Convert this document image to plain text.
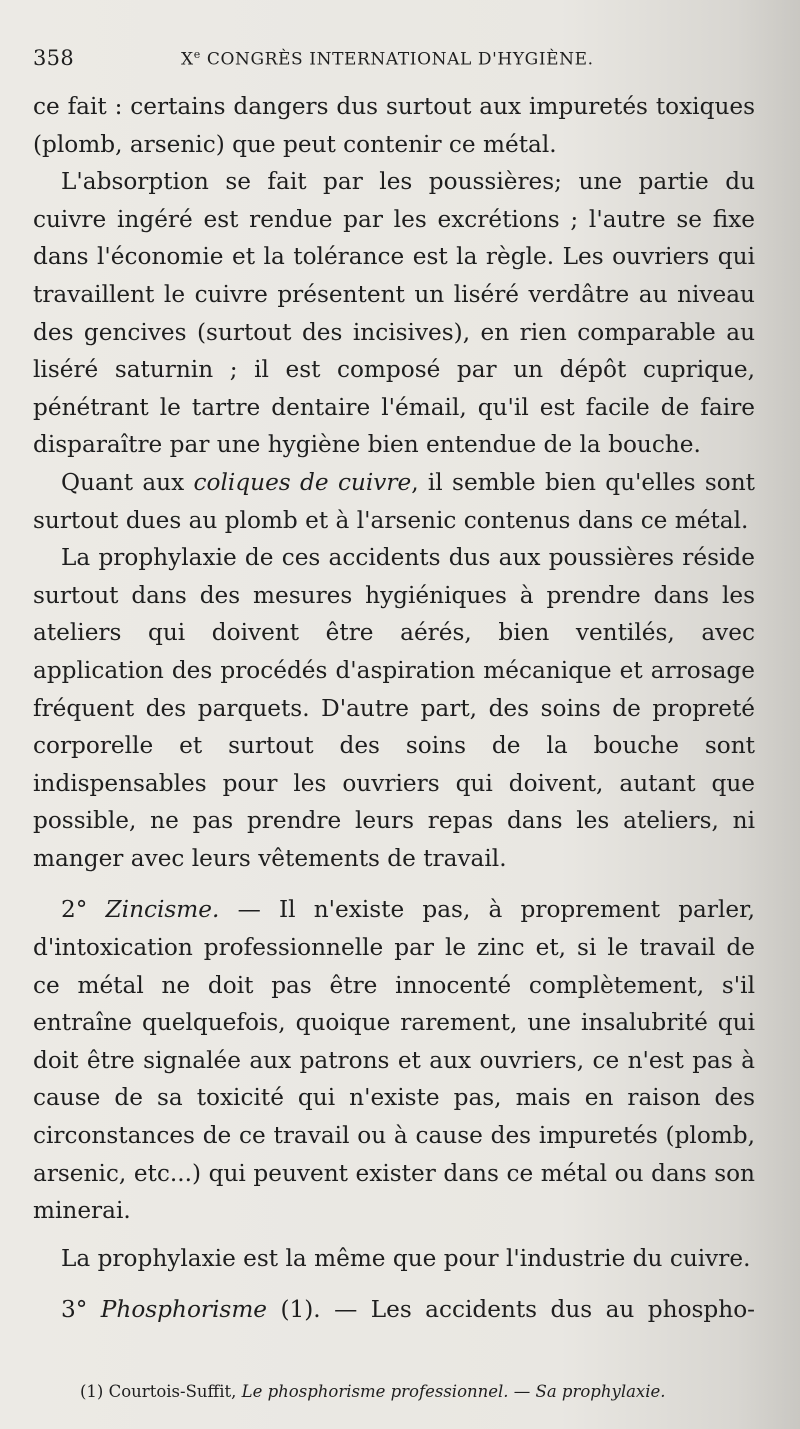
358	Xe CONGRÈS INTERNATIONAL D'HYGIÈNE.

ce fait : certains dangers dus surtout aux impuretés toxiques (plomb, arsenic) que peut contenir ce métal.

L'absorption se fait par les poussières; une partie du cuivre ingéré est rendue par les excrétions ; l'autre se fixe dans l'économie et la tolérance est la règle. Les ouvriers qui travaillent le cuivre présentent un liséré verdâtre au niveau des gencives (surtout des incisives), en rien comparable au liséré saturnin ; il est composé par un dépôt cuprique, pénétrant le tartre dentaire l'émail, qu'il est facile de faire disparaître par une hygiène bien entendue de la bouche.

Quant aux coliques de cuivre, il semble bien qu'elles sont surtout dues au plomb et à l'arsenic contenus dans ce métal.

La prophylaxie de ces accidents dus aux poussières réside surtout dans des mesures hygiéniques à prendre dans les ateliers qui doivent être aérés, bien ventilés, avec application des procédés d'aspiration mécanique et arrosage fréquent des parquets. D'autre part, des soins de propreté corporelle et surtout des soins de la bouche sont indispensables pour les ouvriers qui doivent, autant que possible, ne pas prendre leurs repas dans les ateliers, ni manger avec leurs vêtements de travail.

2° Zincisme. — Il n'existe pas, à proprement parler, d'intoxication professionnelle par le zinc et, si le travail de ce métal ne doit pas être innocenté complètement, s'il entraîne quelquefois, quoique rarement, une insalubrité qui doit être signalée aux patrons et aux ouvriers, ce n'est pas à cause de sa toxicité qui n'existe pas, mais en raison des circonstances de ce travail ou à cause des impuretés (plomb, arsenic, etc...) qui peuvent exister dans ce métal ou dans son minerai.

La prophylaxie est la même que pour l'industrie du cuivre.

3° Phosphorisme (1). — Les accidents dus au phospho-

(1) Courtois-Suffit, Le phosphorisme professionnel. — Sa prophylaxie.
